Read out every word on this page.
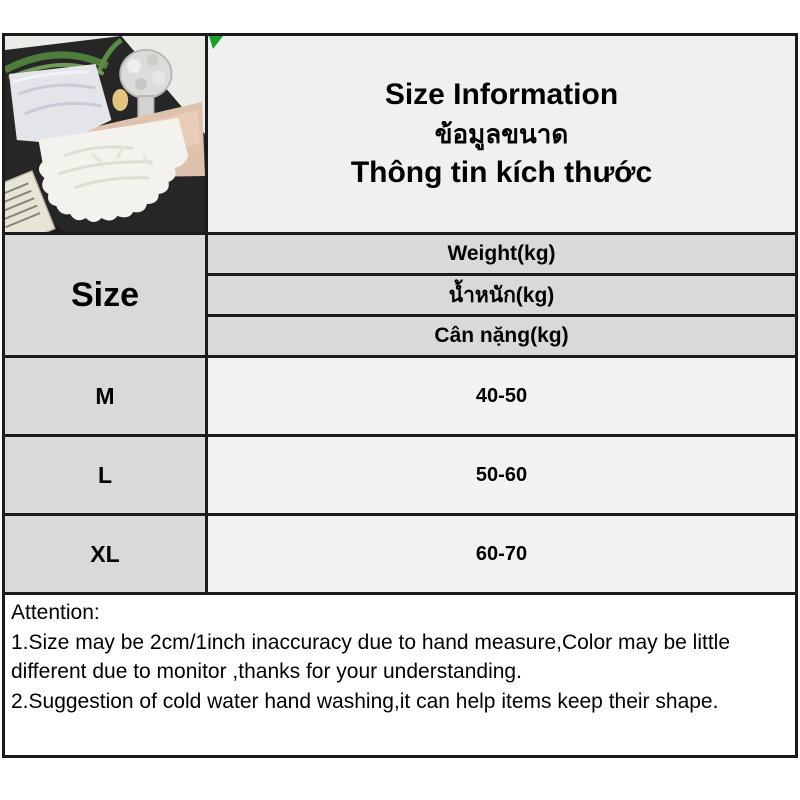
Size Information
ข้อมูลขนาด
Thông tin kích thước
Size
Weight(kg)
น้ำหนัก(kg)
Cân nặng(kg)
M	40-50
L	50-60
XL	60-70
Attention:
1.Size may be 2cm/1inch inaccuracy due to hand measure,Color may be little
different due to monitor ,thanks for your understanding.
2.Suggestion of cold water hand washing,it can help items keep their shape.
